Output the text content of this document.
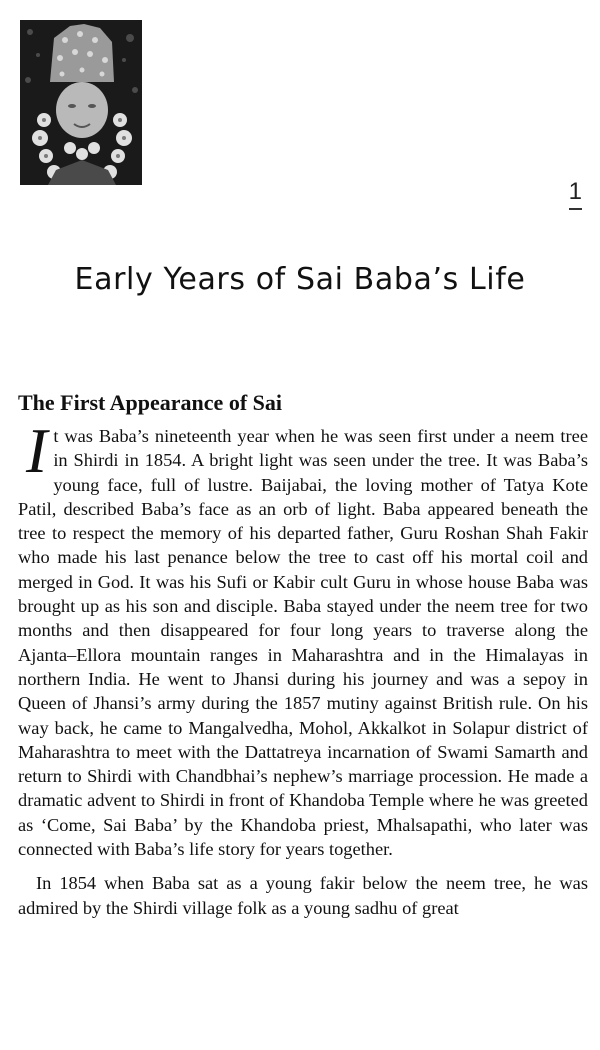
1
Early Years of Sai Baba’s Life
The First Appearance of Sai

It was Baba’s nineteenth year when he was seen first under a neem tree in Shirdi in 1854. A bright light was seen under the tree. It was Baba’s young face, full of lustre. Baijabai, the loving mother of Tatya Kote Patil, described Baba’s face as an orb of light. Baba appeared beneath the tree to respect the memory of his departed father, Guru Roshan Shah Fakir who made his last penance below the tree to cast off his mortal coil and merged in God. It was his Sufi or Kabir cult Guru in whose house Baba was brought up as his son and disciple. Baba stayed under the neem tree for two months and then disappeared for four long years to traverse along the Ajanta–Ellora mountain ranges in Maharashtra and in the Himalayas in northern India. He went to Jhansi during his journey and was a sepoy in Queen of Jhansi’s army during the 1857 mutiny against British rule. On his way back, he came to Mangalvedha, Mohol, Akkalkot in Solapur district of Maharashtra to meet with the Dattatreya incarnation of Swami Samarth and return to Shirdi with Chandbhai’s nephew’s marriage procession. He made a dramatic advent to Shirdi in front of Khandoba Temple where he was greeted as ‘Come, Sai Baba’ by the Khandoba priest, Mhalsapathi, who later was connected with Baba’s life story for years together.

In 1854 when Baba sat as a young fakir below the neem tree, he was admired by the Shirdi village folk as a young sadhu of great
